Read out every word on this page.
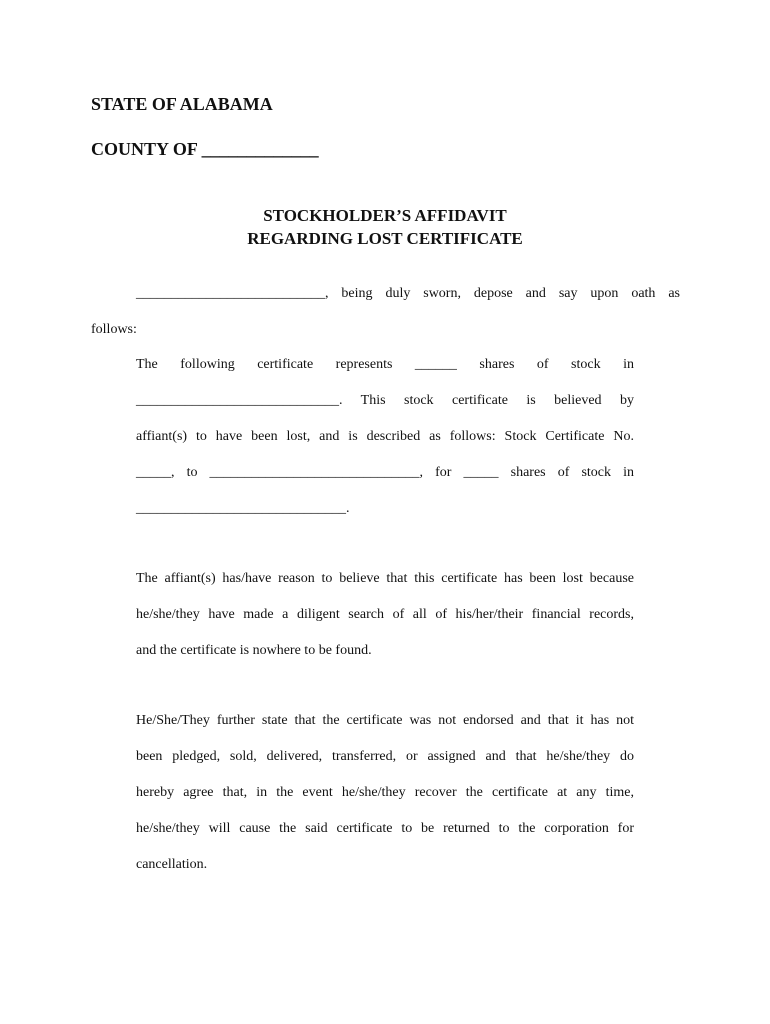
STATE OF ALABAMA
COUNTY OF _____________
STOCKHOLDER’S AFFIDAVIT
REGARDING LOST CERTIFICATE
___________________________, being duly sworn, depose and say upon oath as
follows:
The following certificate represents ______ shares of stock in
_____________________________. This stock certificate is believed by
affiant(s) to have been lost, and is described as follows: Stock Certificate No.
_____, to ______________________________, for _____ shares of stock in
______________________________.
The affiant(s) has/have reason to believe that this certificate has been lost because
he/she/they have made a diligent search of all of his/her/their financial records,
and the certificate is nowhere to be found.
He/She/They further state that the certificate was not endorsed and that it has not
been pledged, sold, delivered, transferred, or assigned and that he/she/they do
hereby agree that, in the event he/she/they recover the certificate at any time,
he/she/they will cause the said certificate to be returned to the corporation for
cancellation.
